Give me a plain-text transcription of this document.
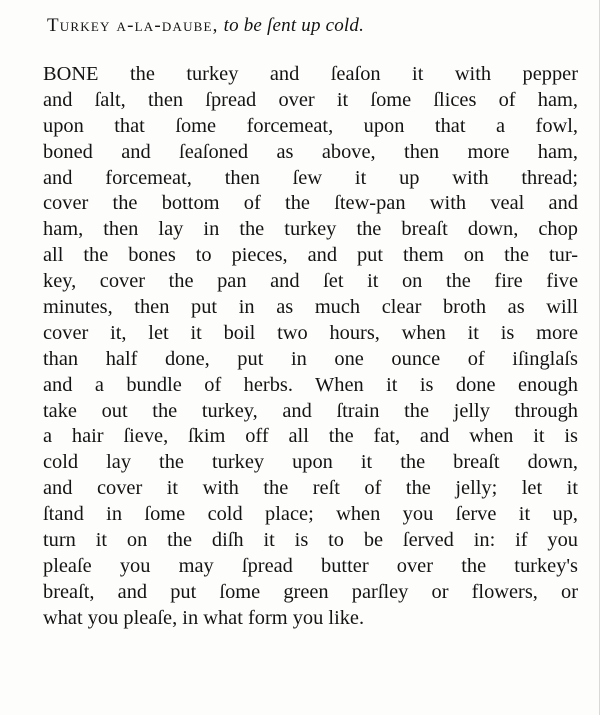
Turkey a-la-daube, to be ſent up cold.
BONE the turkey and ſeaſon it with pepper
and ſalt, then ſpread over it ſome ſlices of ham,
upon that ſome forcemeat, upon that a fowl,
boned and ſeaſoned as above, then more ham,
and forcemeat, then ſew it up with thread;
cover the bottom of the ſtew-pan with veal and
ham, then lay in the turkey the breaſt down, chop
all the bones to pieces, and put them on the tur-
key, cover the pan and ſet it on the fire five
minutes, then put in as much clear broth as will
cover it, let it boil two hours, when it is more
than half done, put in one ounce of iſinglaſs
and a bundle of herbs. When it is done enough
take out the turkey, and ſtrain the jelly through
a hair ſieve, ſkim off all the fat, and when it is
cold lay the turkey upon it the breaſt down,
and cover it with the reſt of the jelly; let it
ſtand in ſome cold place; when you ſerve it up,
turn it on the diſh it is to be ſerved in: if you
pleaſe you may ſpread butter over the turkey's
breaſt, and put ſome green parſley or flowers, or
what you pleaſe, in what form you like.
